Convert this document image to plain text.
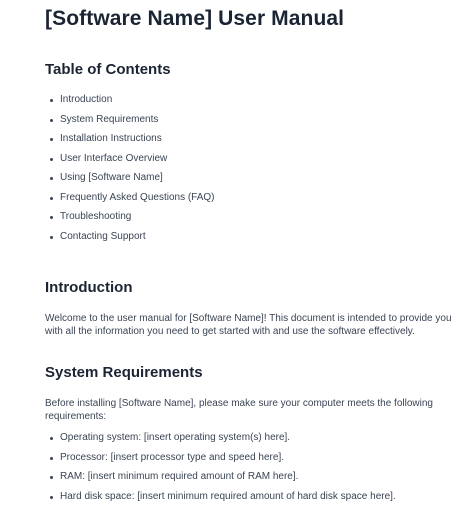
[Software Name] User Manual
Table of Contents
Introduction
System Requirements
Installation Instructions
User Interface Overview
Using [Software Name]
Frequently Asked Questions (FAQ)
Troubleshooting
Contacting Support
Introduction

Welcome to the user manual for [Software Name]! This document is intended to provide you with all the information you need to get started with and use the software effectively.

System Requirements

Before installing [Software Name], please make sure your computer meets the following requirements:

Operating system: [insert operating system(s) here].
Processor: [insert processor type and speed here].
RAM: [insert minimum required amount of RAM here].
Hard disk space: [insert minimum required amount of hard disk space here].
